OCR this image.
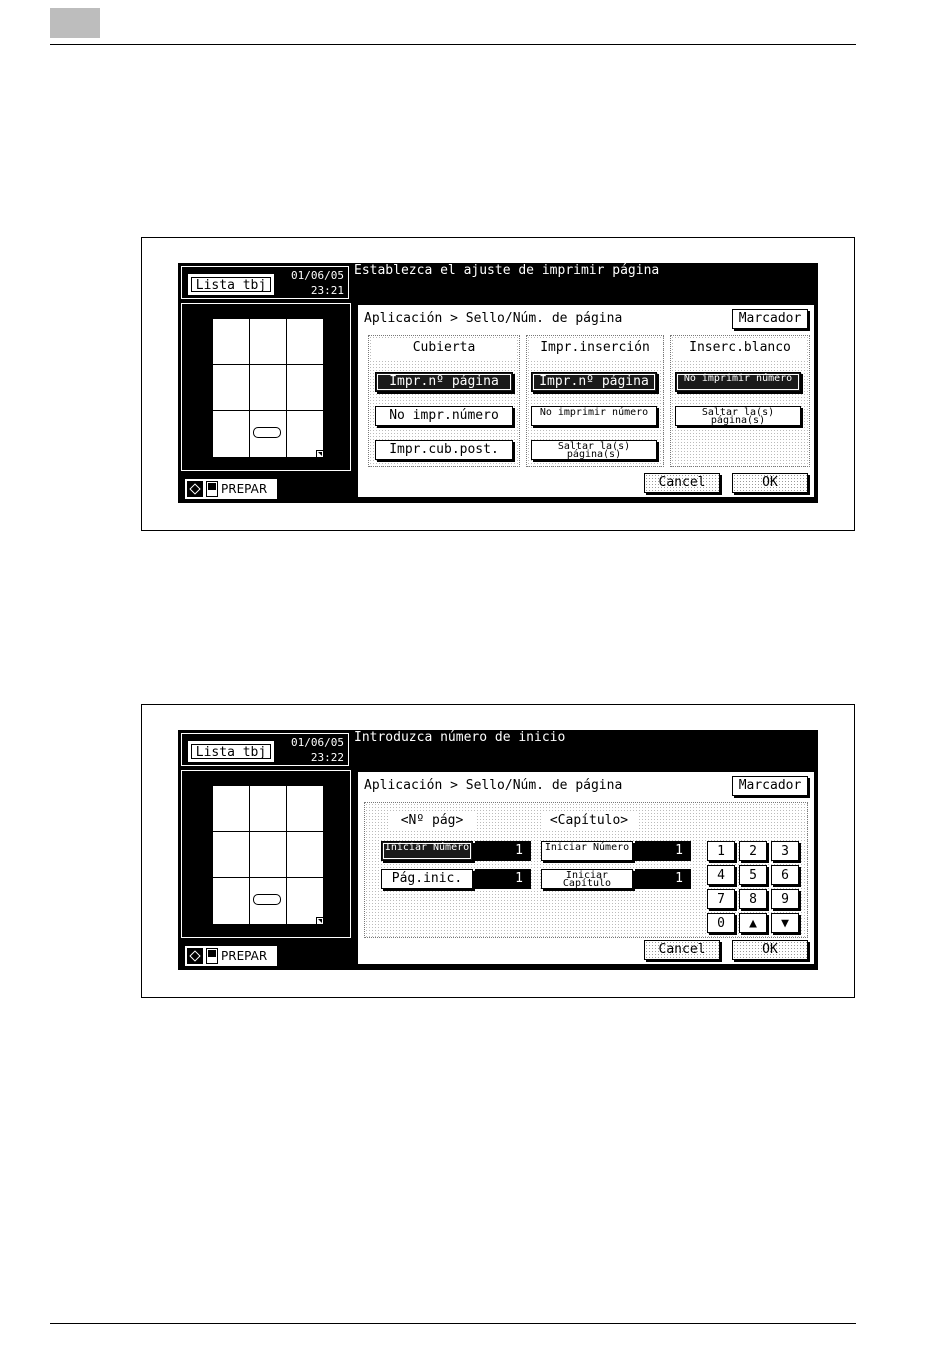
Lista tbj
01/06/05
23:21
Establezca el ajuste de imprimir página
PREPAR
Aplicación > Sello/Núm. de página	Marcador
Cubierta
Impr.nº página
No impr.número
Impr.cub.post.
Impr.inserción
Impr.nº página
No imprimir número
Saltar la(s) página(s)
Inserc.blanco
No imprimir número
Saltar la(s) página(s)
Cancel	OK
Lista tbj
01/06/05
23:22
Introduzca número de inicio
PREPAR
Aplicación > Sello/Núm. de página	Marcador
<Nº pág>	<Capítulo>
Iniciar Número	1
Pág.inic.	1
Iniciar Número	1
Iniciar Capítulo	1
1	2	3
4	5	6
7	8	9
0	▲	▼
Cancel	OK
